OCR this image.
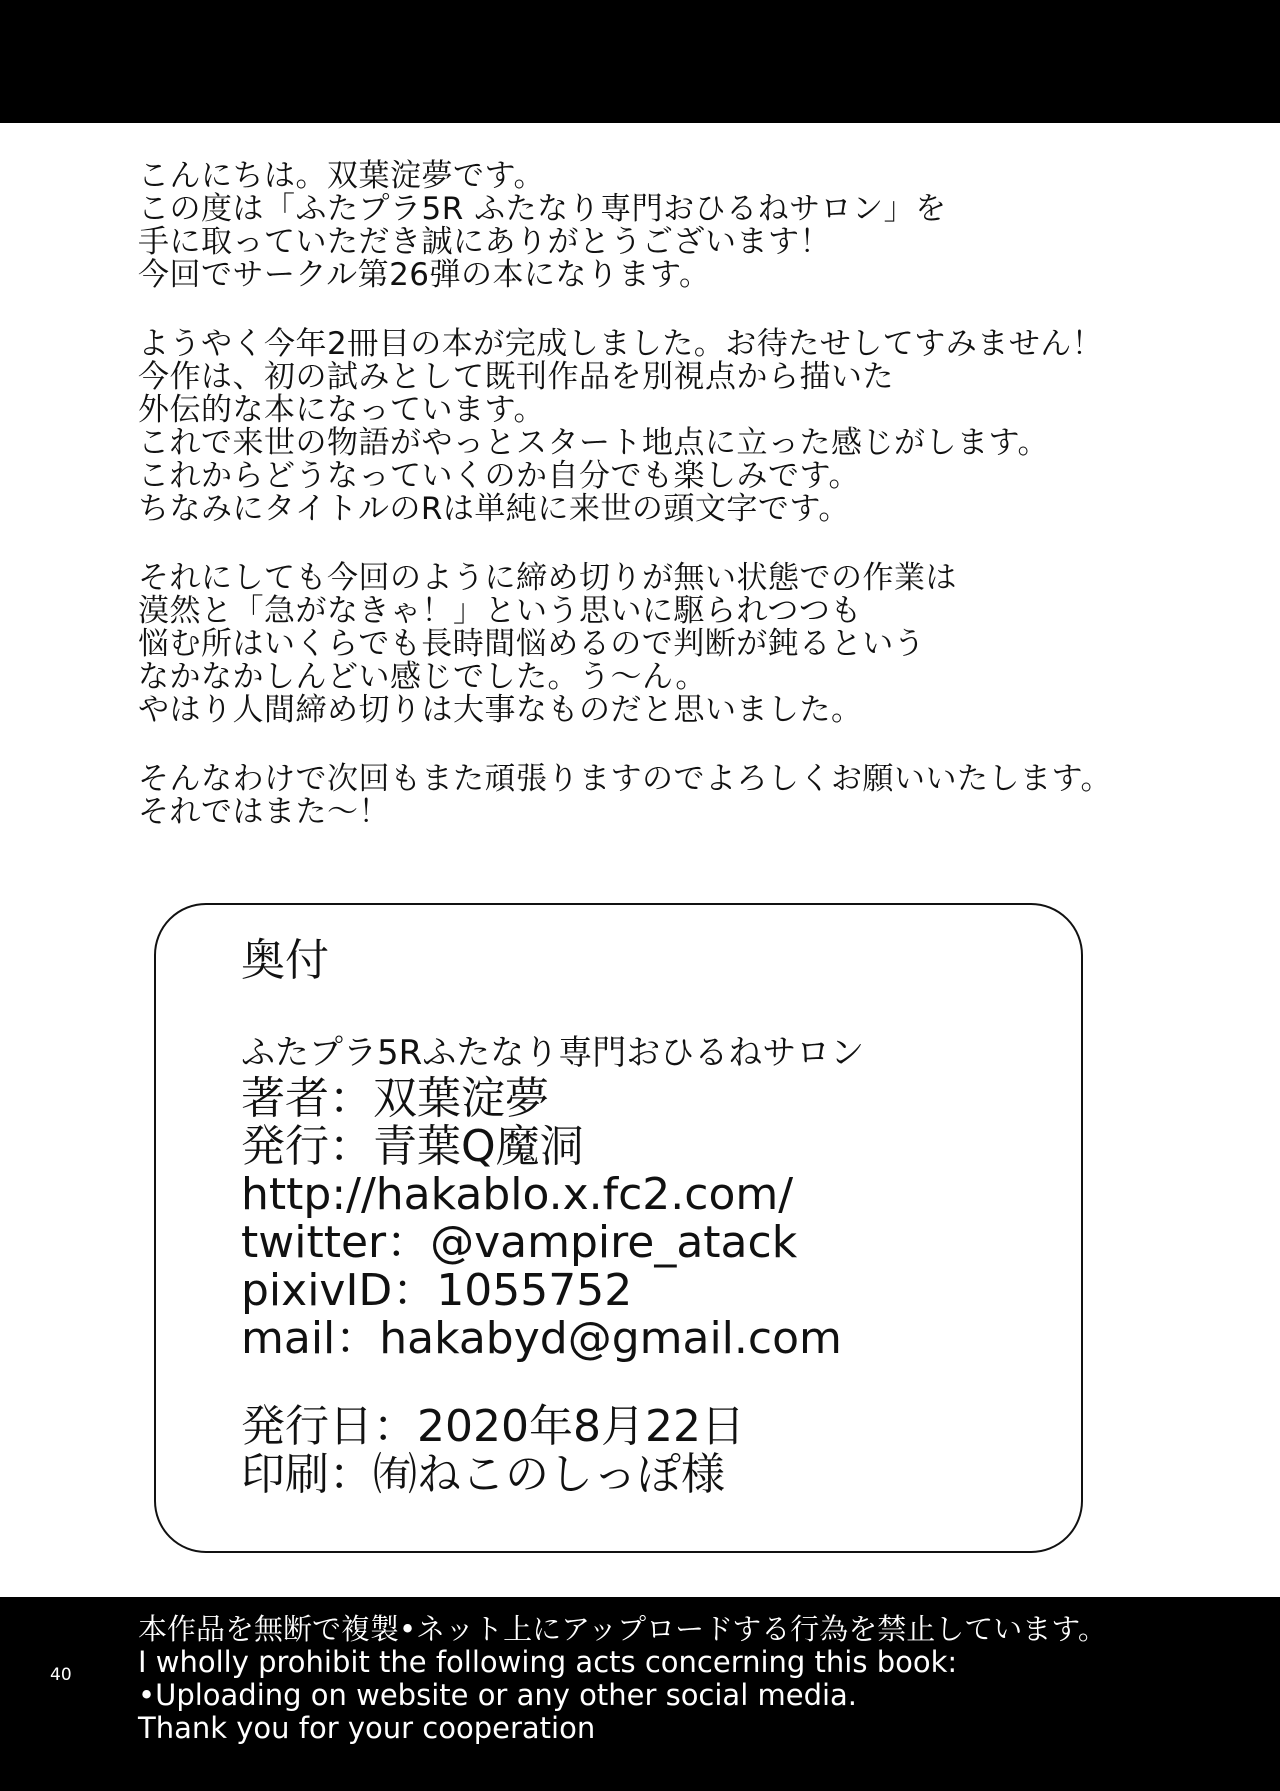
こんにちは。双葉淀夢です。
この度は「ふたプラ5R ふたなり専門おひるねサロン」を
手に取っていただき誠にありがとうございます！
今回でサークル第26弾の本になります。
ようやく今年2冊目の本が完成しました。お待たせしてすみません！
今作は、初の試みとして既刊作品を別視点から描いた
外伝的な本になっています。
これで来世の物語がやっとスタート地点に立った感じがします。
これからどうなっていくのか自分でも楽しみです。
ちなみにタイトルのRは単純に来世の頭文字です。
それにしても今回のように締め切りが無い状態での作業は
漠然と「急がなきゃ！」という思いに駆られつつも
悩む所はいくらでも長時間悩めるので判断が鈍るという
なかなかしんどい感じでした。う～ん。
やはり人間締め切りは大事なものだと思いました。
そんなわけで次回もまた頑張りますのでよろしくお願いいたします。
それではまた～！
奥付
ふたプラ5Rふたなり専門おひるねサロン
著者：双葉淀夢
発行：青葉Q魔洞
http://hakablo.x.fc2.com/
twitter：@vampire_atack
pixivID：1055752
mail：hakabyd@gmail.com
発行日：2020年8月22日
印刷：㈲ねこのしっぽ様
40
本作品を無断で複製•ネット上にアップロードする行為を禁止しています。
I wholly prohibit the following acts concerning this book:
•Uploading on website or any other social media.
Thank you for your cooperation
